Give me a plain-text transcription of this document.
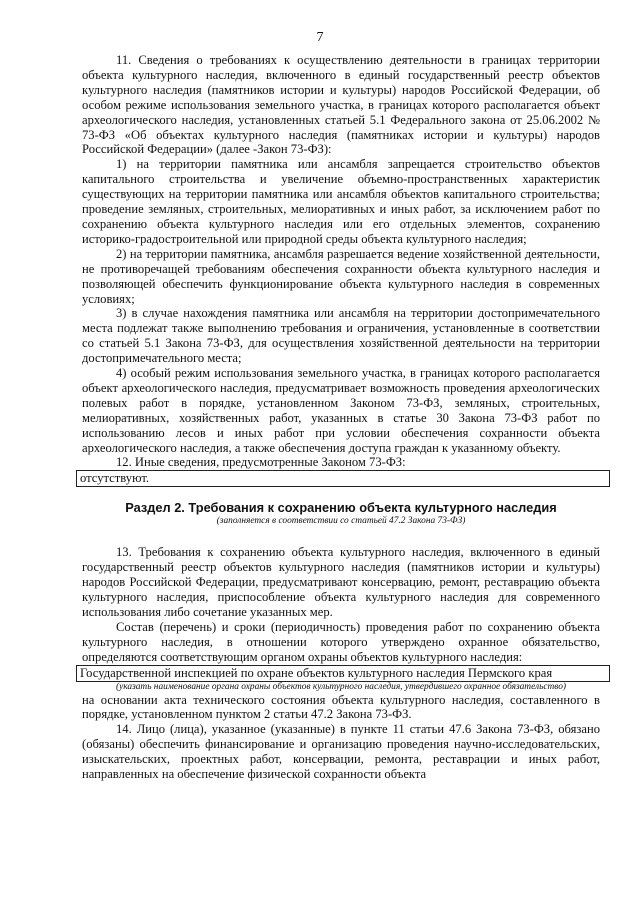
7

11. Сведения о требованиях к осуществлению деятельности в границах территории объекта культурного наследия, включенного в единый государственный реестр объектов культурного наследия (памятников истории и культуры) народов Российской Федерации, об особом режиме использования земельного участка, в границах которого располагается объект археологического наследия, установленных статьей 5.1 Федерального закона от 25.06.2002 № 73-ФЗ «Об объектах культурного наследия (памятниках истории и культуры) народов Российской Федерации» (далее -Закон 73-ФЗ):

1) на территории памятника или ансамбля запрещается строительство объектов капитального строительства и увеличение объемно-пространственных характеристик существующих на территории памятника или ансамбля объектов капитального строительства; проведение земляных, строительных, мелиоративных и иных работ, за исключением работ по сохранению объекта культурного наследия или его отдельных элементов, сохранению историко-градостроительной или природной среды объекта культурного наследия;

2) на территории памятника, ансамбля разрешается ведение хозяйственной деятельности, не противоречащей требованиям обеспечения сохранности объекта культурного наследия и позволяющей обеспечить функционирование объекта культурного наследия в современных условиях;

3) в случае нахождения памятника или ансамбля на территории достопримечательного места подлежат также выполнению требования и ограничения, установленные в соответствии со статьей 5.1 Закона 73-ФЗ, для осуществления хозяйственной деятельности на территории достопримечательного места;

4) особый режим использования земельного участка, в границах которого располагается объект археологического наследия, предусматривает возможность проведения археологических полевых работ в порядке, установленном Законом 73-ФЗ, земляных, строительных, мелиоративных, хозяйственных работ, указанных в статье 30 Закона 73-ФЗ работ по использованию лесов и иных работ при условии обеспечения сохранности объекта археологического наследия, а также обеспечения доступа граждан к указанному объекту.

12. Иные сведения, предусмотренные Законом 73-ФЗ:

отсутствуют.

Раздел 2. Требования к сохранению объекта культурного наследия

(заполняется в соответствии со статьей 47.2 Закона 73-ФЗ)

13. Требования к сохранению объекта культурного наследия, включенного в единый государственный реестр объектов культурного наследия (памятников истории и культуры) народов Российской Федерации, предусматривают консервацию, ремонт, реставрацию объекта культурного наследия, приспособление объекта культурного наследия для современного использования либо сочетание указанных мер.

Состав (перечень) и сроки (периодичность) проведения работ по сохранению объекта культурного наследия, в отношении которого утверждено охранное обязательство, определяются соответствующим органом охраны объектов культурного наследия:

Государственной инспекцией по охране объектов культурного наследия Пермского края

(указать наименование органа охраны объектов культурного наследия, утвердившего охранное обязательство)

на основании акта технического состояния объекта культурного наследия, составленного в порядке, установленном пунктом 2 статьи 47.2 Закона 73-ФЗ.

14. Лицо (лица), указанное (указанные) в пункте 11 статьи 47.6 Закона 73-ФЗ, обязано (обязаны) обеспечить финансирование и организацию проведения научно-исследовательских, изыскательских, проектных работ, консервации, ремонта, реставрации и иных работ, направленных на обеспечение физической сохранности объекта
